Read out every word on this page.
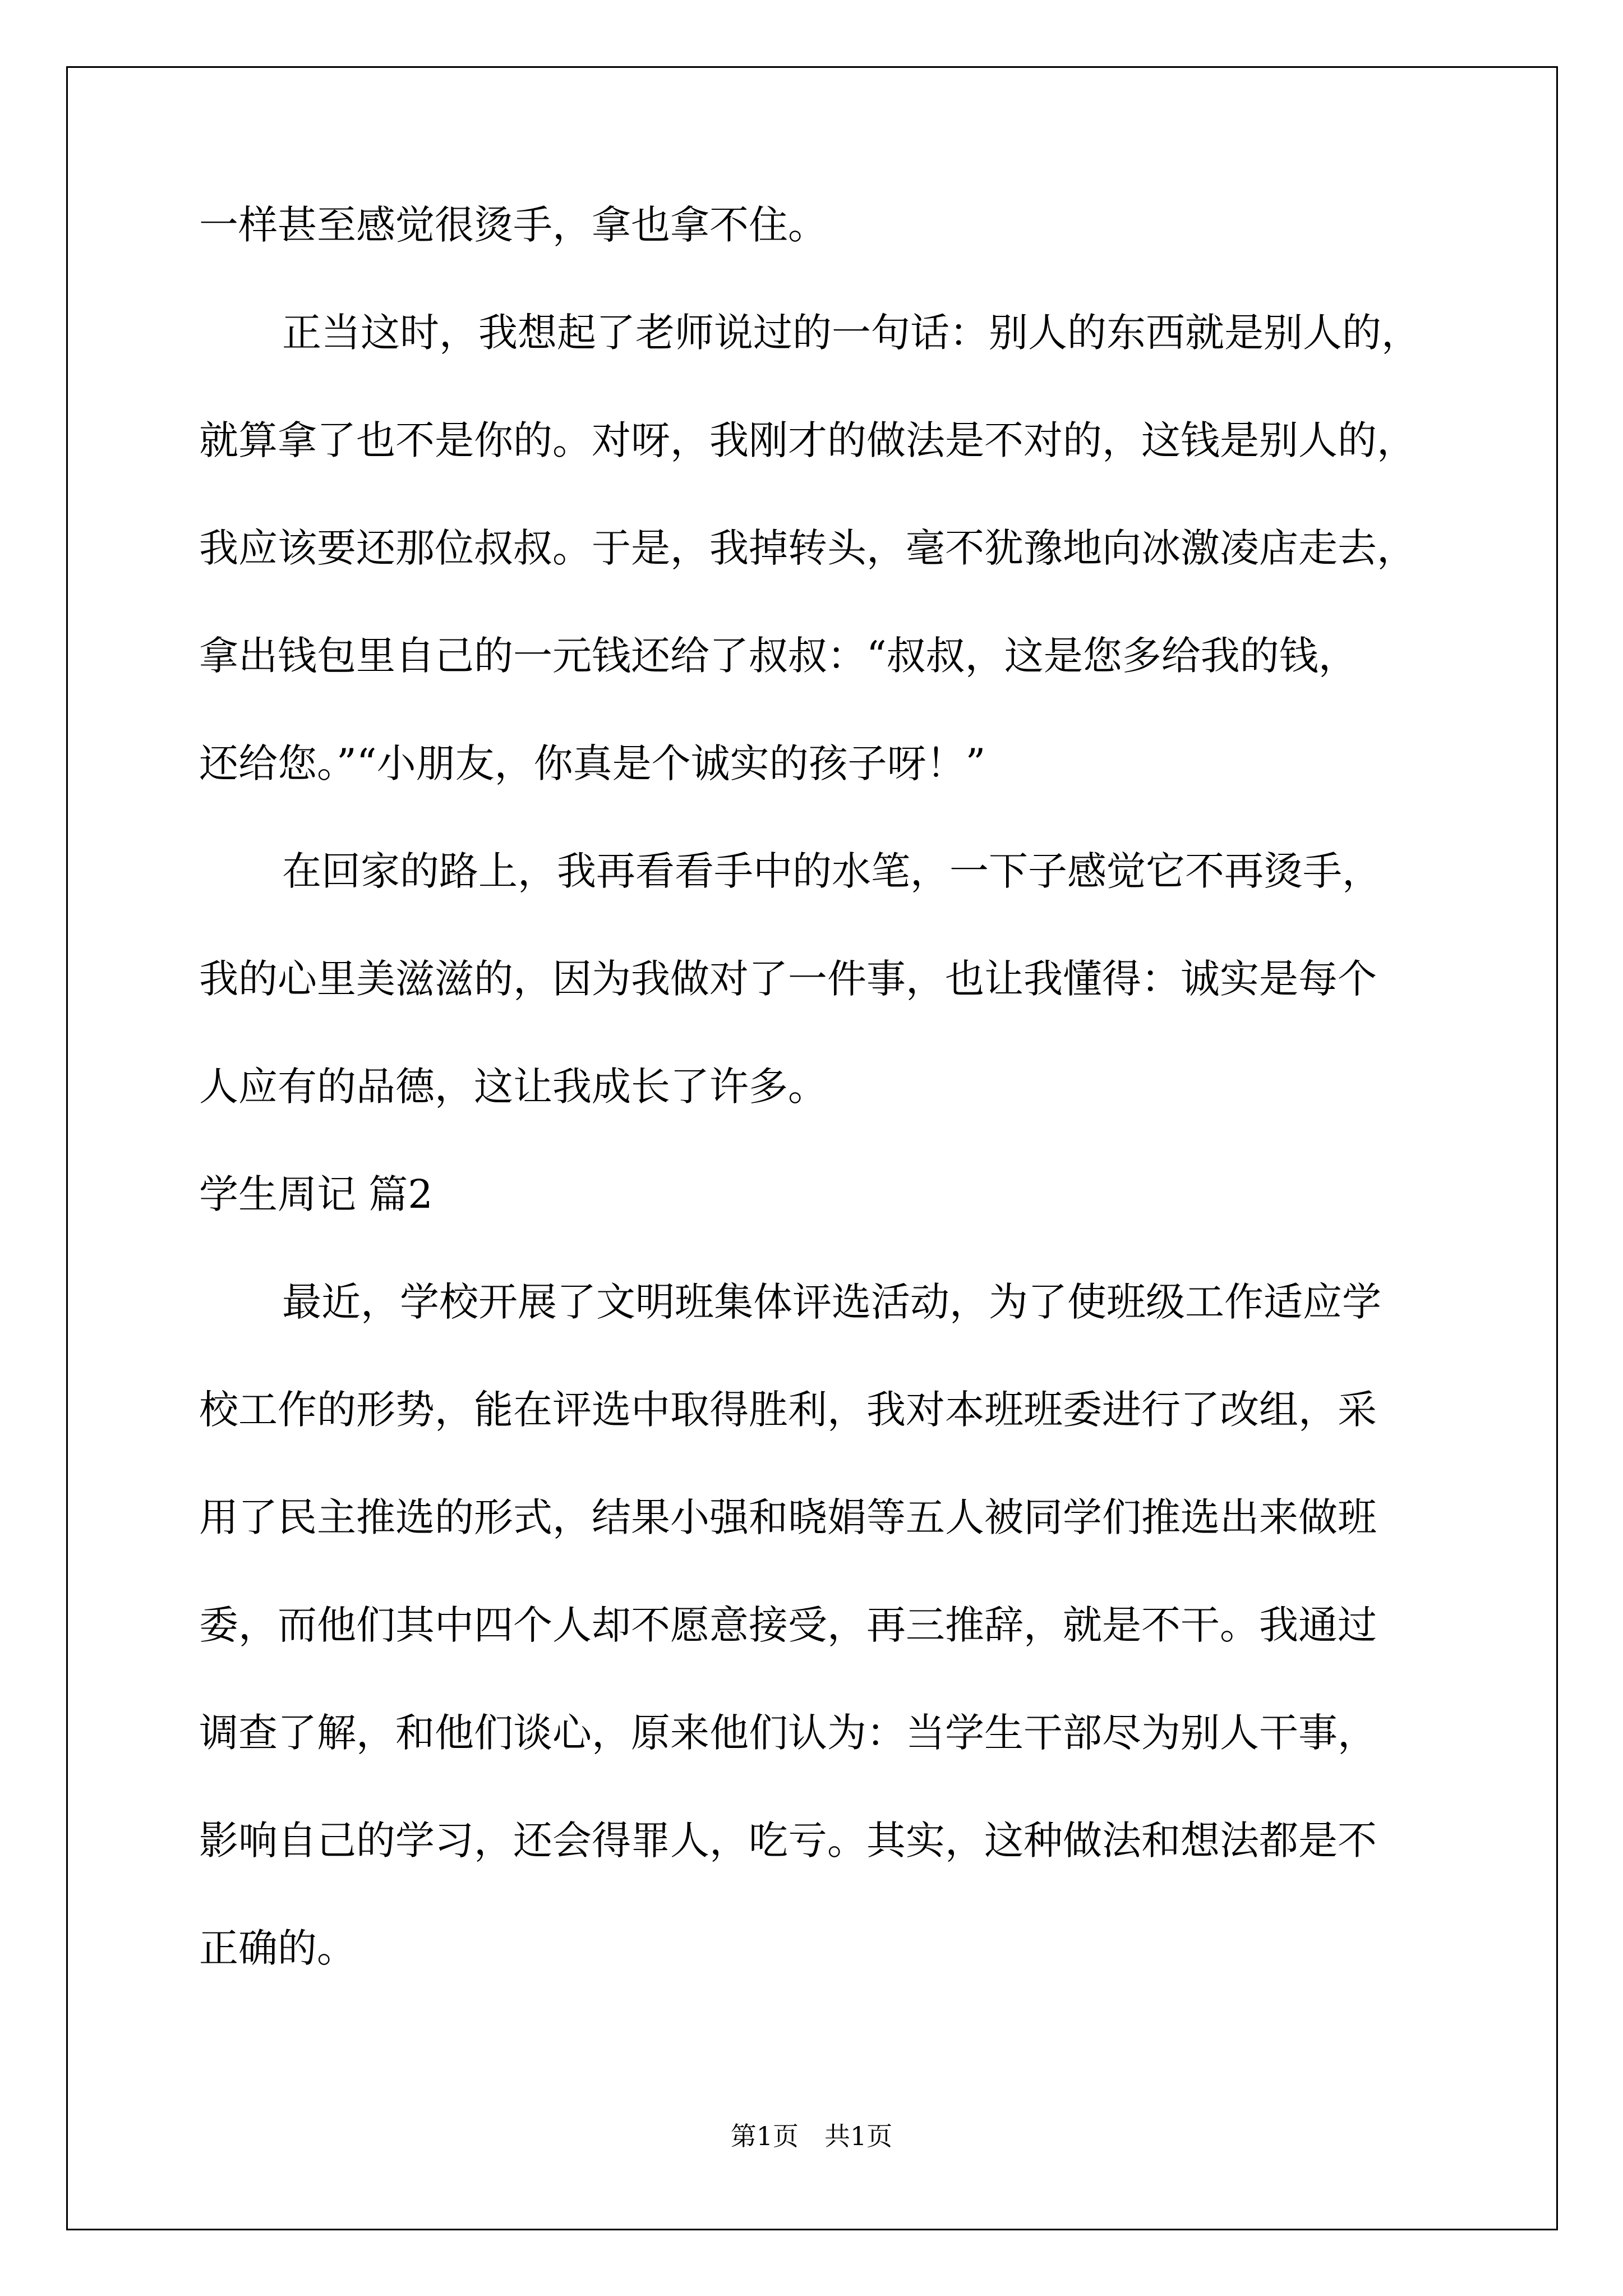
一样甚至感觉很烫手，拿也拿不住。
正当这时，我想起了老师说过的一句话：别人的东西就是别人的，
就算拿了也不是你的。对呀，我刚才的做法是不对的，这钱是别人的，
我应该要还那位叔叔。于是，我掉转头，毫不犹豫地向冰激凌店走去，
拿出钱包里自己的一元钱还给了叔叔：“叔叔，这是您多给我的钱，
还给您。”“小朋友，你真是个诚实的孩子呀！”
在回家的路上，我再看看手中的水笔，一下子感觉它不再烫手，
我的心里美滋滋的，因为我做对了一件事，也让我懂得：诚实是每个
人应有的品德，这让我成长了许多。
学生周记 篇2
最近，学校开展了文明班集体评选活动，为了使班级工作适应学
校工作的形势，能在评选中取得胜利，我对本班班委进行了改组，采
用了民主推选的形式，结果小强和晓娟等五人被同学们推选出来做班
委，而他们其中四个人却不愿意接受，再三推辞，就是不干。我通过
调查了解，和他们谈心，原来他们认为：当学生干部尽为别人干事，
影响自己的学习，还会得罪人，吃亏。其实，这种做法和想法都是不
正确的。
第1页　共1页
